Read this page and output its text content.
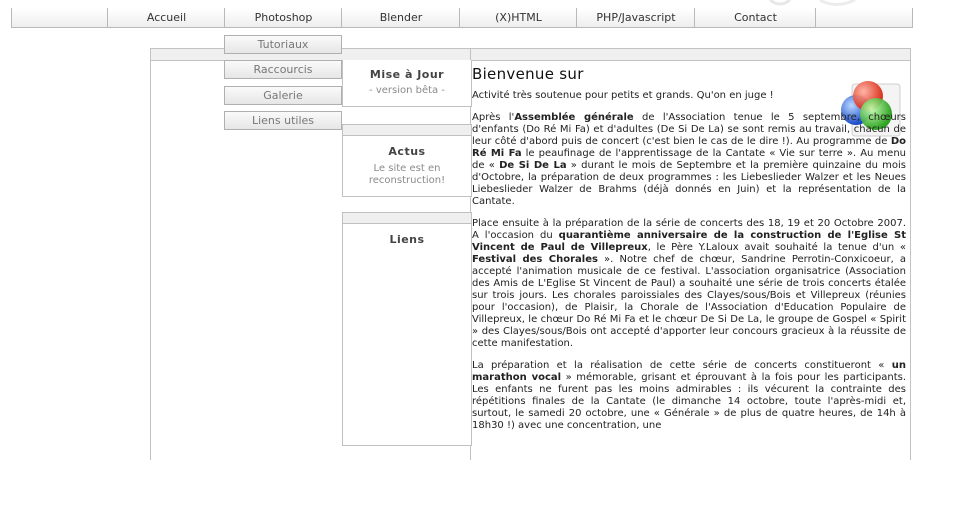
Accueil	Photoshop	Blender	(X)HTML	PHP/Javascript	Contact
Tutoriaux
Raccourcis
Galerie
Liens utiles
Mise à Jour
- version bêta -
Actus
Le site est en
reconstruction!
Liens
Bienvenue sur

Activité très soutenue pour petits et grands. Qu'on en juge !

Après l'Assemblée générale de l'Association tenue le 5 septembre, chœurs d'enfants (Do Ré Mi Fa) et d'adultes (De Si De La) se sont remis au travail, chacun de leur côté d'abord puis de concert (c'est bien le cas de le dire !). Au programme de Do Ré Mi Fa le peaufinage de l'apprentissage de la Cantate « Vie sur terre ». Au menu de « De Si De La » durant le mois de Septembre et la première quinzaine du mois d'Octobre, la préparation de deux programmes : les Liebeslieder Walzer et les Neues Liebeslieder Walzer de Brahms (déjà donnés en Juin) et la représentation de la Cantate.

Place ensuite à la préparation de la série de concerts des 18, 19 et 20 Octobre 2007. A l'occasion du quarantième anniversaire de la construction de l'Eglise St Vincent de Paul de Villepreux, le Père Y.Laloux avait souhaité la tenue d'un « Festival des Chorales ». Notre chef de chœur, Sandrine Perrotin-Conxicoeur, a accepté l'animation musicale de ce festival. L'association organisatrice (Association des Amis de L'Eglise St Vincent de Paul) a souhaité une série de trois concerts étalée sur trois jours. Les chorales paroissiales des Clayes/sous/Bois et Villepreux (réunies pour l'occasion), de Plaisir, la Chorale de l'Association d'Education Populaire de Villepreux, le chœur Do Ré Mi Fa et le chœur De Si De La, le groupe de Gospel « Spirit » des Clayes/sous/Bois ont accepté d'apporter leur concours gracieux à la réussite de cette manifestation.

La préparation et la réalisation de cette série de concerts constitueront « un marathon vocal » mémorable, grisant et éprouvant à la fois pour les participants. Les enfants ne furent pas les moins admirables : ils vécurent la contrainte des répétitions finales de la Cantate (le dimanche 14 octobre, toute l'après-midi et, surtout, le samedi 20 octobre, une « Générale » de plus de quatre heures, de 14h à 18h30 !) avec une concentration, une
